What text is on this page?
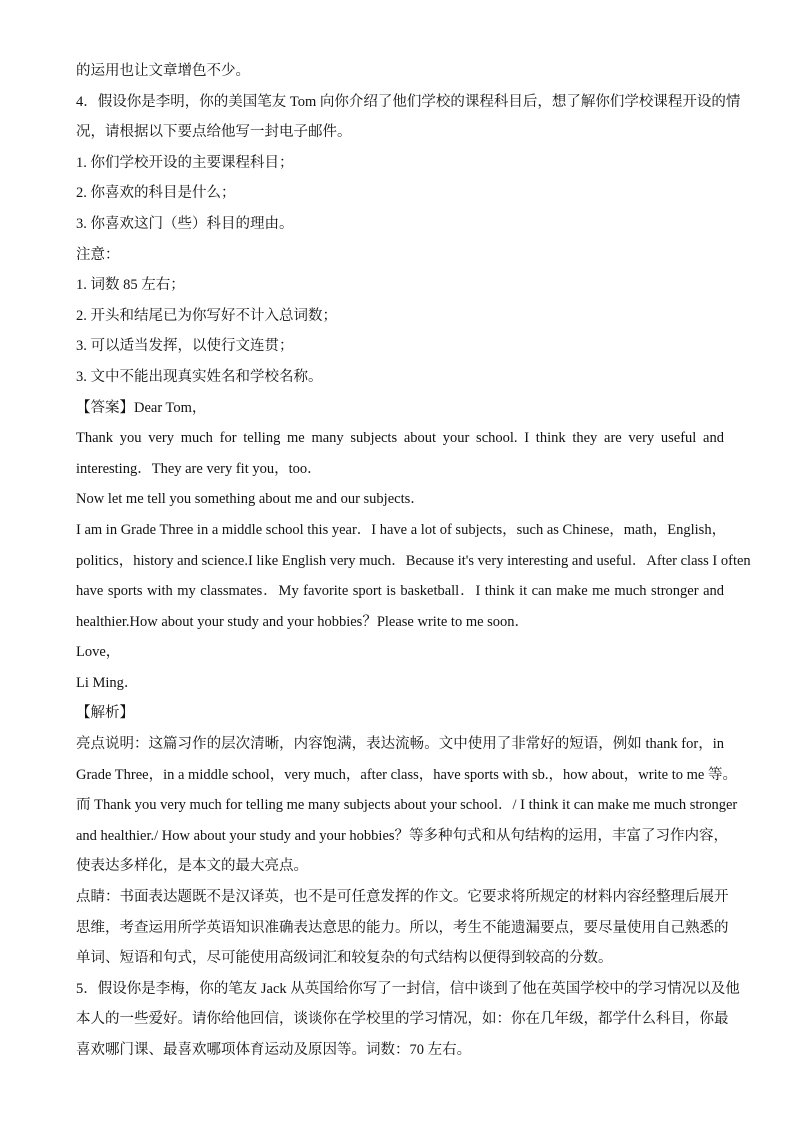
的运用也让文章增色不少。
4．假设你是李明，你的美国笔友 Tom 向你介绍了他们学校的课程科目后，想了解你们学校课程开设的情
况，请根据以下要点给他写一封电子邮件。
1. 你们学校开设的主要课程科目；
2. 你喜欢的科目是什么；
3. 你喜欢这门（些）科目的理由。
注意：
1. 词数 85 左右；
2. 开头和结尾已为你写好不计入总词数；
3. 可以适当发挥，以使行文连贯；
3. 文中不能出现真实姓名和学校名称。
【答案】Dear Tom，
Thank you very much for telling me many subjects about your school. I think they are very useful and
interesting．They are very fit you，too．
Now let me tell you something about me and our subjects．
I am in Grade Three in a middle school this year．I have a lot of subjects，such as Chinese，math，English，
politics，history and science.I like English very much．Because it's very interesting and useful．After class I often
have sports with my classmates．My favorite sport is basketball．I think it can make me much stronger and
healthier.How about your study and your hobbies？Please write to me soon．
Love，
Li Ming．
【解析】
亮点说明：这篇习作的层次清晰，内容饱满，表达流畅。文中使用了非常好的短语，例如 thank for，in
Grade Three，in a middle school，very much，after class，have sports with sb.，how about，write to me 等。
而 Thank you very much for telling me many subjects about your school．/ I think it can make me much stronger
and healthier./ How about your study and your hobbies？等多种句式和从句结构的运用，丰富了习作内容，
使表达多样化，是本文的最大亮点。
点睛：书面表达题既不是汉译英，也不是可任意发挥的作文。它要求将所规定的材料内容经整理后展开
思维，考查运用所学英语知识准确表达意思的能力。所以，考生不能遗漏要点，要尽量使用自己熟悉的
单词、短语和句式，尽可能使用高级词汇和较复杂的句式结构以便得到较高的分数。
5．假设你是李梅，你的笔友 Jack 从英国给你写了一封信，信中谈到了他在英国学校中的学习情况以及他
本人的一些爱好。请你给他回信，谈谈你在学校里的学习情况，如：你在几年级，都学什么科目，你最
喜欢哪门课、最喜欢哪项体育运动及原因等。词数：70 左右。
